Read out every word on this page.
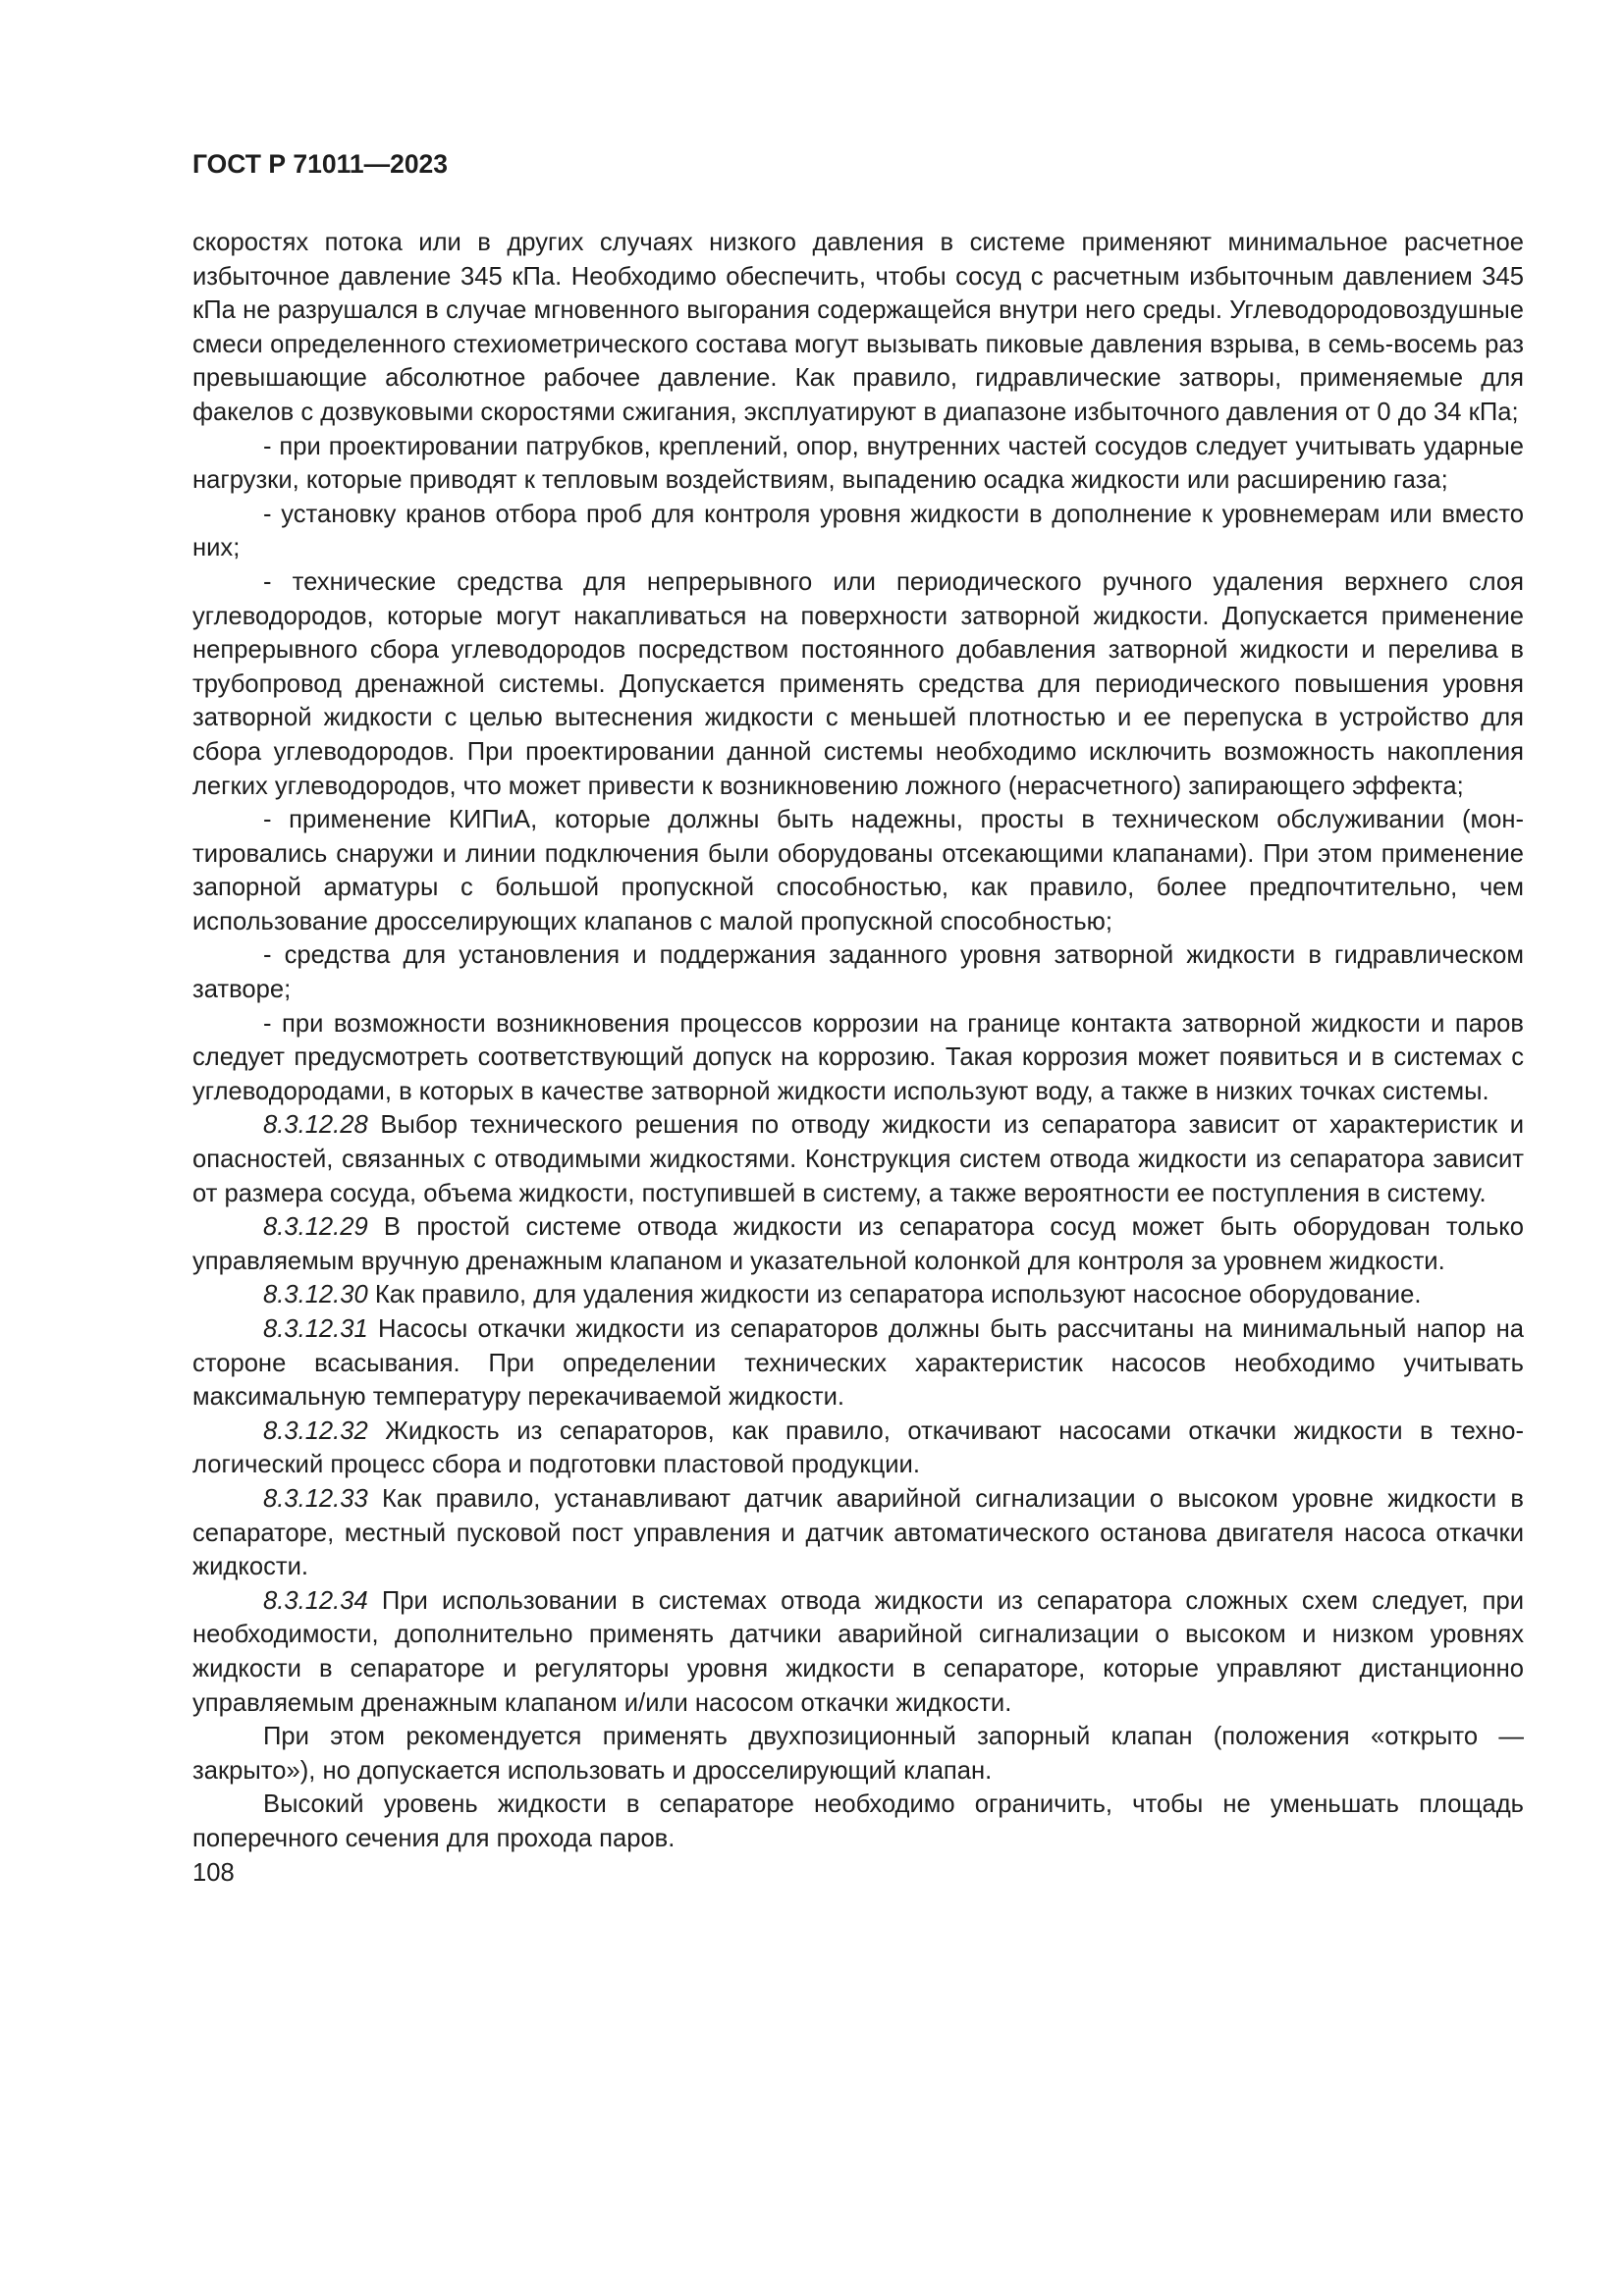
ГОСТ Р 71011—2023

скоростях потока или в других случаях низкого давления в системе применяют минимальное расчетное избыточное давление 345 кПа. Необходимо обеспечить, чтобы сосуд с расчетным избыточным давлением 345 кПа не разрушался в случае мгновенного выгорания содержащейся внутри него среды. Углеводородовоздушные смеси определенного стехиометрического состава могут вызывать пиковые давления взрыва, в семь-восемь раз превышающие абсолютное рабочее давление. Как правило, гидравлические затворы, применяемые для факелов с дозвуковыми скоростями сжигания, эксплуатируют в диапазоне избыточного давления от 0 до 34 кПа;

- при проектировании патрубков, креплений, опор, внутренних частей сосудов следует учитывать ударные нагрузки, которые приводят к тепловым воздействиям, выпадению осадка жидкости или расширению газа;

- установку кранов отбора проб для контроля уровня жидкости в дополнение к уровнемерам или вместо них;

- технические средства для непрерывного или периодического ручного удаления верхнего слоя углеводородов, которые могут накапливаться на поверхности затворной жидкости. Допускается применение непрерывного сбора углеводородов посредством постоянного добавления затворной жидкости и перелива в трубопровод дренажной системы. Допускается применять средства для периодического повышения уровня затворной жидкости с целью вытеснения жидкости с меньшей плотностью и ее перепуска в устройство для сбора углеводородов. При проектировании данной системы необходимо исключить возможность накопления легких углеводородов, что может привести к возникновению ложного (нерасчетного) запирающего эффекта;

- применение КИПиА, которые должны быть надежны, просты в техническом обслуживании (монтировались снаружи и линии подключения были оборудованы отсекающими клапанами). При этом применение запорной арматуры с большой пропускной способностью, как правило, более предпочтительно, чем использование дросселирующих клапанов с малой пропускной способностью;

- средства для установления и поддержания заданного уровня затворной жидкости в гидравлическом затворе;

- при возможности возникновения процессов коррозии на границе контакта затворной жидкости и паров следует предусмотреть соответствующий допуск на коррозию. Такая коррозия может появиться и в системах с углеводородами, в которых в качестве затворной жидкости используют воду, а также в низких точках системы.

8.3.12.28 Выбор технического решения по отводу жидкости из сепаратора зависит от характеристик и опасностей, связанных с отводимыми жидкостями. Конструкция систем отвода жидкости из сепаратора зависит от размера сосуда, объема жидкости, поступившей в систему, а также вероятности ее поступления в систему.

8.3.12.29 В простой системе отвода жидкости из сепаратора сосуд может быть оборудован только управляемым вручную дренажным клапаном и указательной колонкой для контроля за уровнем жидкости.

8.3.12.30 Как правило, для удаления жидкости из сепаратора используют насосное оборудование.

8.3.12.31 Насосы откачки жидкости из сепараторов должны быть рассчитаны на минимальный напор на стороне всасывания. При определении технических характеристик насосов необходимо учитывать максимальную температуру перекачиваемой жидкости.

8.3.12.32 Жидкость из сепараторов, как правило, откачивают насосами откачки жидкости в технологический процесс сбора и подготовки пластовой продукции.

8.3.12.33 Как правило, устанавливают датчик аварийной сигнализации о высоком уровне жидкости в сепараторе, местный пусковой пост управления и датчик автоматического останова двигателя насоса откачки жидкости.

8.3.12.34 При использовании в системах отвода жидкости из сепаратора сложных схем следует, при необходимости, дополнительно применять датчики аварийной сигнализации о высоком и низком уровнях жидкости в сепараторе и регуляторы уровня жидкости в сепараторе, которые управляют дистанционно управляемым дренажным клапаном и/или насосом откачки жидкости.

При этом рекомендуется применять двухпозиционный запорный клапан (положения «открыто — закрыто»), но допускается использовать и дросселирующий клапан.

Высокий уровень жидкости в сепараторе необходимо ограничить, чтобы не уменьшать площадь поперечного сечения для прохода паров.

108
